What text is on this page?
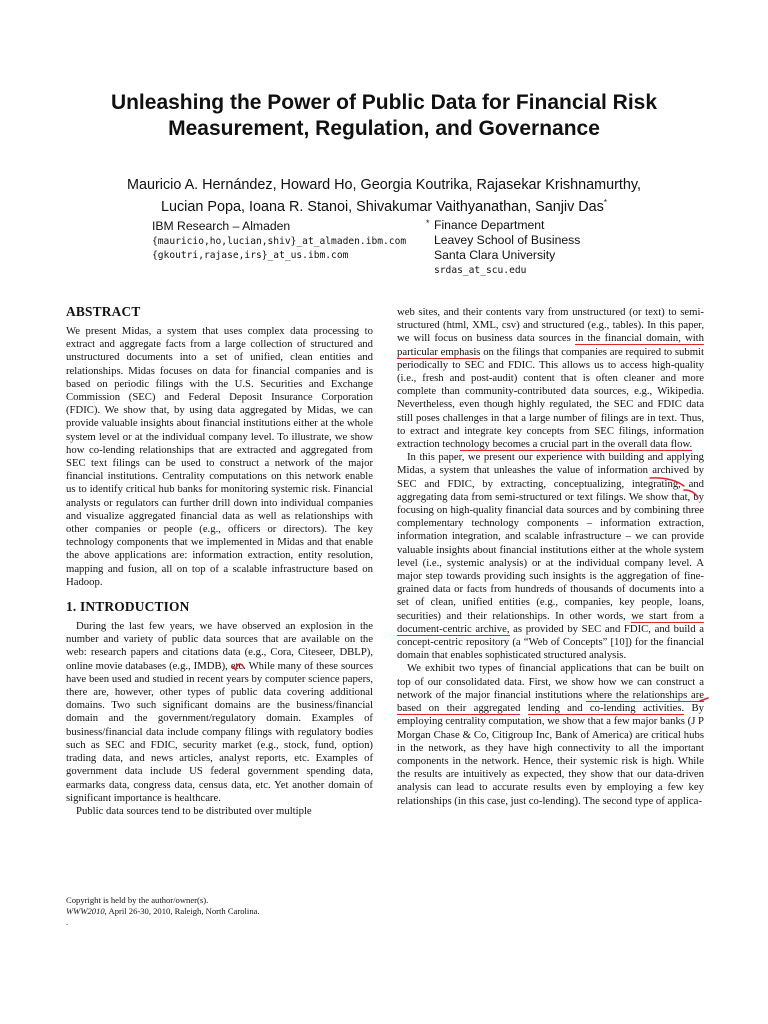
Unleashing the Power of Public Data for Financial Risk Measurement, Regulation, and Governance
Mauricio A. Hernández, Howard Ho, Georgia Koutrika, Rajasekar Krishnamurthy,
Lucian Popa, Ioana R. Stanoi, Shivakumar Vaithyanathan, Sanjiv Das*
IBM Research – Almaden
{mauricio,ho,lucian,shiv}_at_almaden.ibm.com
{gkoutri,rajase,irs}_at_us.ibm.com
* Finance Department
Leavey School of Business
Santa Clara University
srdas_at_scu.edu
ABSTRACT

We present Midas, a system that uses complex data processing to extract and aggregate facts from a large collection of structured and unstructured documents into a set of unified, clean entities and relationships. Midas focuses on data for financial companies and is based on periodic filings with the U.S. Securities and Exchange Commission (SEC) and Federal Deposit Insurance Corporation (FDIC). We show that, by using data aggregated by Midas, we can provide valuable insights about financial institutions either at the whole system level or at the individual company level. To illustrate, we show how co-lending relationships that are extracted and aggregated from SEC text filings can be used to construct a network of the major financial institutions. Centrality computations on this network enable us to identify critical hub banks for monitoring systemic risk. Financial analysts or regulators can further drill down into individual companies and visualize aggregated financial data as well as relationships with other companies or people (e.g., officers or directors). The key technology components that we implemented in Midas and that enable the above applications are: information extraction, entity resolution, mapping and fusion, all on top of a scalable infrastructure based on Hadoop.

1. INTRODUCTION

During the last few years, we have observed an explosion in the number and variety of public data sources that are available on the web: research papers and citations data (e.g., Cora, Citeseer, DBLP), online movie databases (e.g., IMDB), etc. While many of these sources have been used and studied in recent years by computer science papers, there are, however, other types of public data covering additional domains. Two such significant domains are the business/financial domain and the government/regulatory domain. Examples of business/financial data include company filings with regulatory bodies such as SEC and FDIC, security market (e.g., stock, fund, option) trading data, and news articles, analyst reports, etc. Examples of government data include US federal government spending data, earmarks data, congress data, census data, etc. Yet another domain of significant importance is healthcare.

Public data sources tend to be distributed over multiple

web sites, and their contents vary from unstructured (or text) to semi-structured (html, XML, csv) and structured (e.g., tables). In this paper, we will focus on business data sources in the financial domain, with particular emphasis on the filings that companies are required to submit periodically to SEC and FDIC. This allows us to access high-quality (i.e., fresh and post-audit) content that is often cleaner and more complete than community-contributed data sources, e.g., Wikipedia. Nevertheless, even though highly regulated, the SEC and FDIC data still poses challenges in that a large number of filings are in text. Thus, to extract and integrate key concepts from SEC filings, information extraction technology becomes a crucial part in the overall data flow.

In this paper, we present our experience with building and applying Midas, a system that unleashes the value of information archived by SEC and FDIC, by extracting, conceptualizing, integrating, and aggregating data from semi-structured or text filings. We show that, by focusing on high-quality financial data sources and by combining three complementary technology components – information extraction, information integration, and scalable infrastructure – we can provide valuable insights about financial institutions either at the whole system level (i.e., systemic analysis) or at the individual company level. A major step towards providing such insights is the aggregation of fine-grained data or facts from hundreds of thousands of documents into a set of clean, unified entities (e.g., companies, key people, loans, securities) and their relationships. In other words, we start from a document-centric archive, as provided by SEC and FDIC, and build a concept-centric repository (a “Web of Concepts” [10]) for the financial domain that enables sophisticated structured analysis.

We exhibit two types of financial applications that can be built on top of our consolidated data. First, we show how we can construct a network of the major financial institutions where the relationships are based on their aggregated lending and co-lending activities. By employing centrality computation, we show that a few major banks (J P Morgan Chase & Co, Citigroup Inc, Bank of America) are critical hubs in the network, as they have high connectivity to all the important components in the network. Hence, their systemic risk is high. While the results are intuitively as expected, they show that our data-driven analysis can lead to accurate results even by employing a few key relationships (in this case, just co-lending). The second type of applica-

Copyright is held by the author/owner(s).
WWW2010, April 26-30, 2010, Raleigh, North Carolina.
.
